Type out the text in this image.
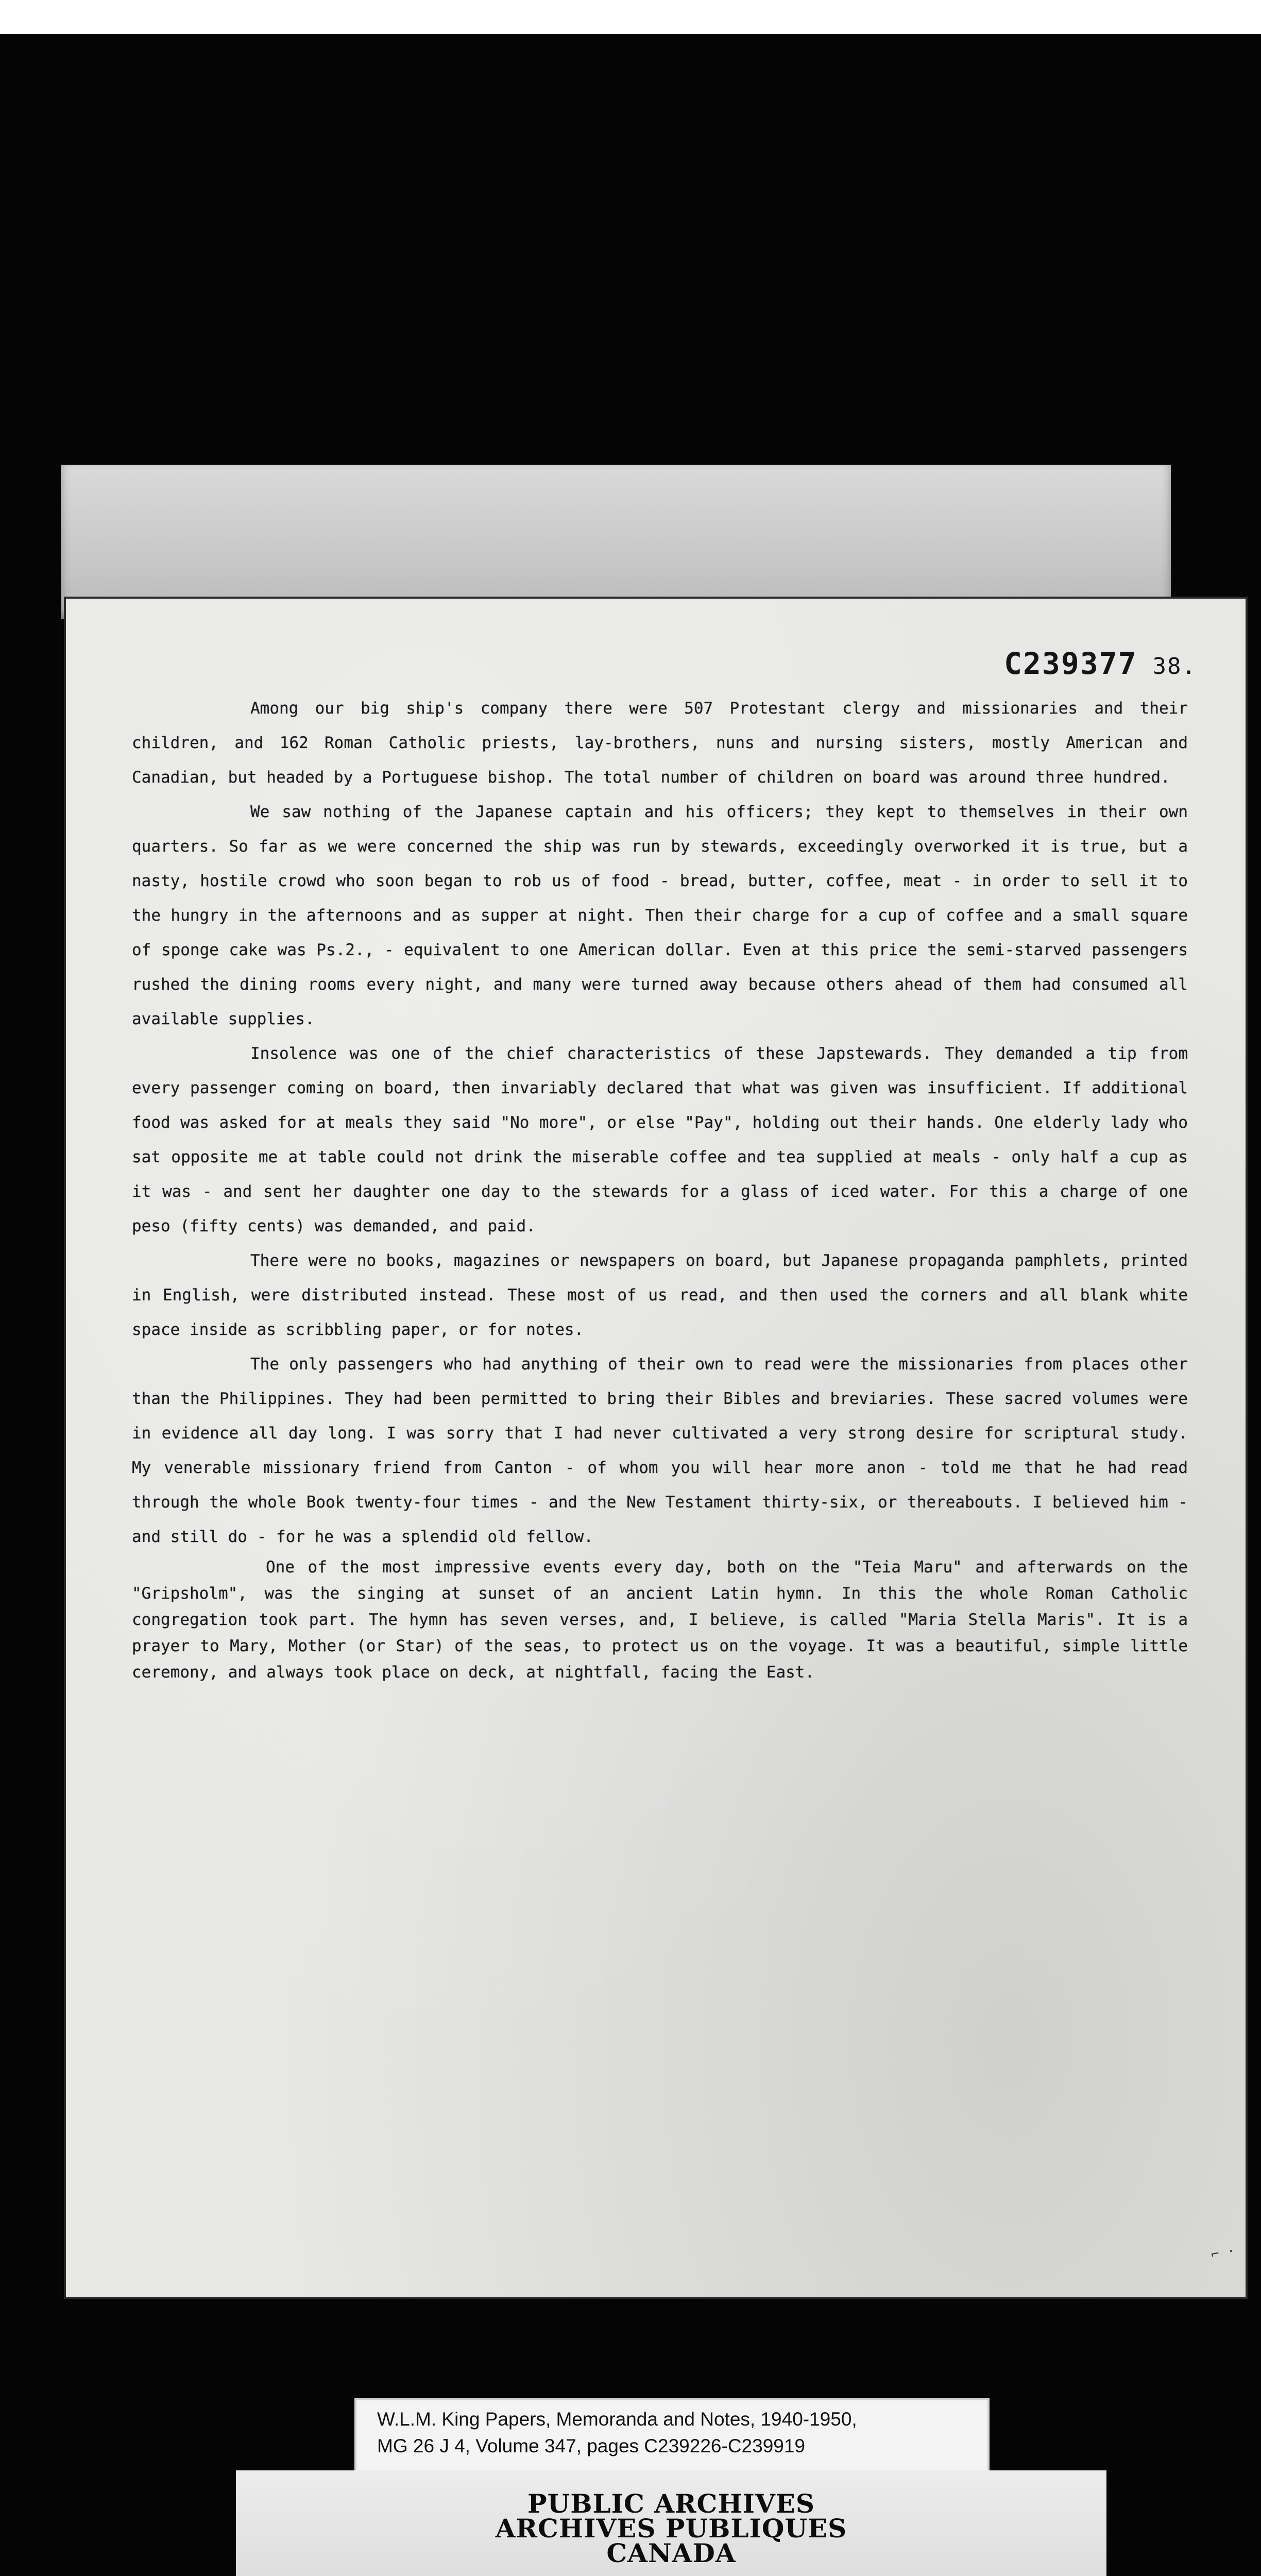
C239377 38.

Among our big ship's company there were 507 Protestant clergy and missionaries and their children, and 162 Roman Catholic priests, lay-brothers, nuns and nursing sisters, mostly American and Canadian, but headed by a Portuguese bishop. The total number of children on board was around three hundred.

We saw nothing of the Japanese captain and his officers; they kept to themselves in their own quarters. So far as we were concerned the ship was run by stewards, exceedingly overworked it is true, but a nasty, hostile crowd who soon began to rob us of food - bread, butter, coffee, meat - in order to sell it to the hungry in the afternoons and as supper at night. Then their charge for a cup of coffee and a small square of sponge cake was Ps.2., - equivalent to one American dollar. Even at this price the semi-starved passengers rushed the dining rooms every night, and many were turned away because others ahead of them had consumed all available supplies.

Insolence was one of the chief characteristics of these Japstewards. They demanded a tip from every passenger coming on board, then invariably declared that what was given was insufficient. If additional food was asked for at meals they said "No more", or else "Pay", holding out their hands. One elderly lady who sat opposite me at table could not drink the miserable coffee and tea supplied at meals - only half a cup as it was - and sent her daughter one day to the stewards for a glass of iced water. For this a charge of one peso (fifty cents) was demanded, and paid.

There were no books, magazines or newspapers on board, but Japanese propaganda pamphlets, printed in English, were distributed instead. These most of us read, and then used the corners and all blank white space inside as scribbling paper, or for notes.

The only passengers who had anything of their own to read were the missionaries from places other than the Philippines. They had been permitted to bring their Bibles and breviaries. These sacred volumes were in evidence all day long. I was sorry that I had never cultivated a very strong desire for scriptural study. My venerable missionary friend from Canton - of whom you will hear more anon - told me that he had read through the whole Book twenty-four times - and the New Testament thirty-six, or thereabouts. I believed him - and still do - for he was a splendid old fellow.

One of the most impressive events every day, both on the "Teia Maru" and afterwards on the "Gripsholm", was the singing at sunset of an ancient Latin hymn. In this the whole Roman Catholic congregation took part. The hymn has seven verses, and, I believe, is called "Maria Stella Maris". It is a prayer to Mary, Mother (or Star) of the seas, to protect us on the voyage. It was a beautiful, simple little ceremony, and always took place on deck, at nightfall, facing the East.

⌐ ·
W.L.M. King Papers, Memoranda and Notes, 1940-1950,
MG 26 J 4, Volume 347, pages C239226-C239919
PUBLIC ARCHIVES
ARCHIVES PUBLIQUES
CANADA
